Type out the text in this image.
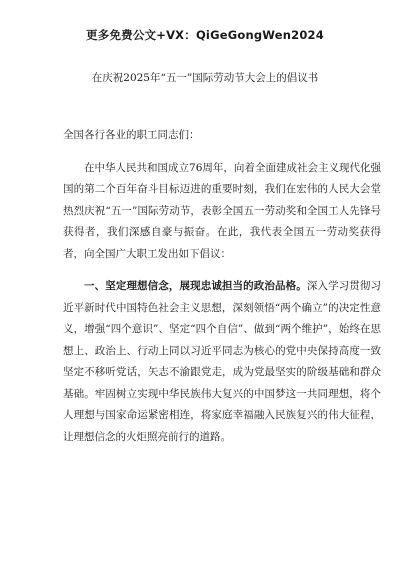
更多免费公文+VX：QiGeGongWen2024

在庆祝2025年“五一”国际劳动节大会上的倡议书

全国各行各业的职工同志们：

在中华人民共和国成立76周年，向着全面建成社会主义现代化强国的第二个百年奋斗目标迈进的重要时刻，我们在宏伟的人民大会堂热烈庆祝“五一”国际劳动节，表彰全国五一劳动奖和全国工人先锋号获得者，我们深感自豪与振奋。在此，我代表全国五一劳动奖获得者，向全国广大职工发出如下倡议：

一、坚定理想信念，展现忠诚担当的政治品格。深入学习贯彻习近平新时代中国特色社会主义思想，深刻领悟“两个确立”的决定性意义，增强“四个意识”、坚定“四个自信”、做到“两个维护”，始终在思想上、政治上、行动上同以习近平同志为核心的党中央保持高度一致坚定不移听党话，矢志不渝跟党走，成为党最坚实的阶级基础和群众基础。牢固树立实现中华民族伟大复兴的中国梦这一共同理想，将个人理想与国家命运紧密相连，将家庭幸福融入民族复兴的伟大征程，让理想信念的火炬照亮前行的道路。
